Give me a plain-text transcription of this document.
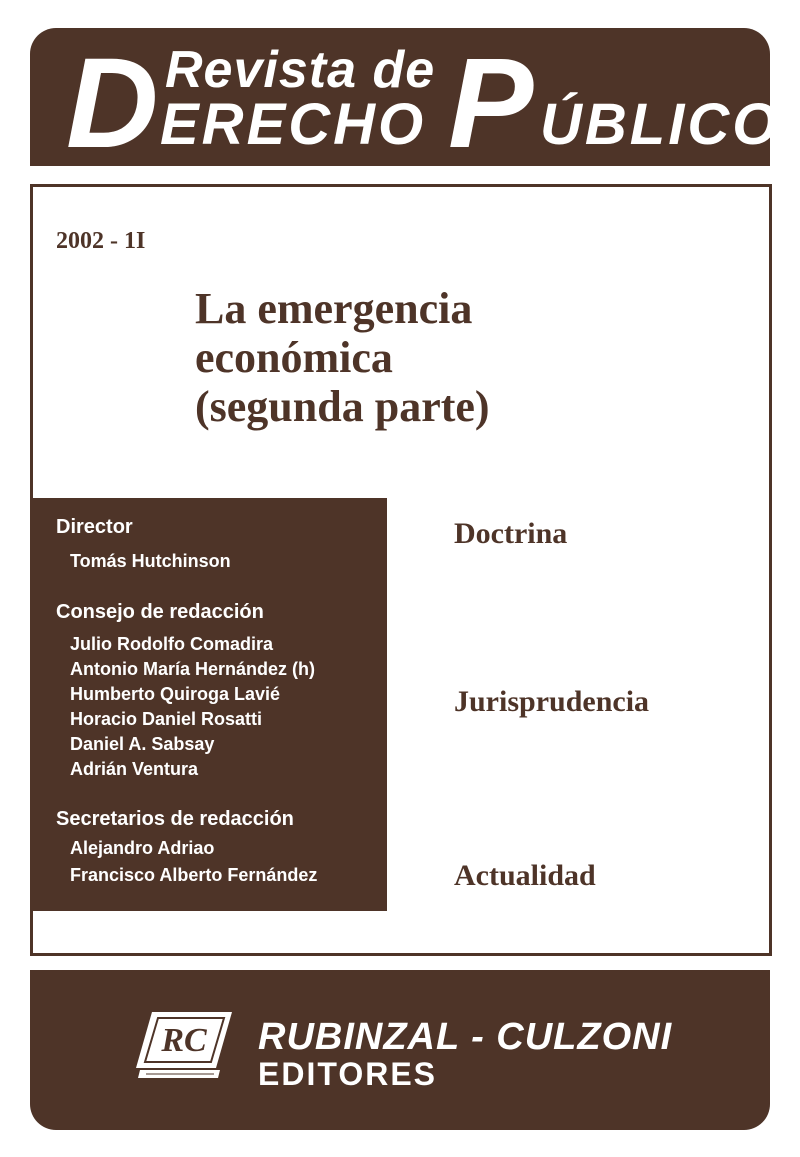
D Revista de
ERECHO P ÚBLICO
2002 - 1I
La emergencia
económica
(segunda parte)
Director
Tomás Hutchinson
Consejo de redacción
Julio Rodolfo Comadira
Antonio María Hernández (h)
Humberto Quiroga Lavié
Horacio Daniel Rosatti
Daniel A. Sabsay
Adrián Ventura
Secretarios de redacción
Alejandro Adriao
Francisco Alberto Fernández
Doctrina
Jurisprudencia
Actualidad
RC RUBINZAL - CULZONI
EDITORES
